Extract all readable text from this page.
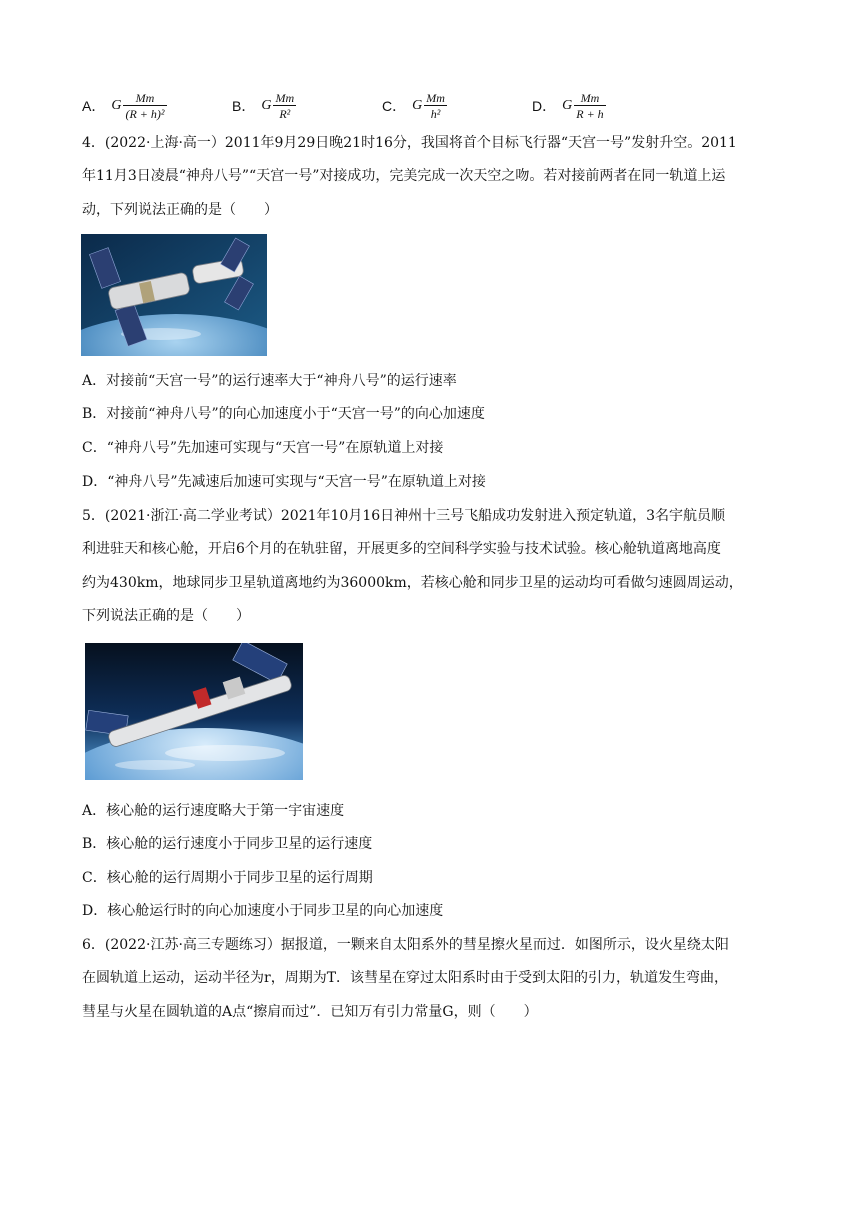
A． G $\frac{Mm}{\text{(R + h)²}}$	B． G $\frac{Mm}{\text{R²}}$	C． G $\frac{Mm}{\text{h²}}$	D． G $\frac{Mm}{R + h}$
4．(2022·上海·高一）2011年9月29日晚21时16分，我国将首个目标飞行器“天宫一号”发射升空。2011
年11月3日凌晨“神舟八号”“天宫一号”对接成功，完美完成一次天空之吻。若对接前两者在同一轨道上运
动，下列说法正确的是（　　）
A．对接前“天宫一号”的运行速率大于“神舟八号”的运行速率
B．对接前“神舟八号”的向心加速度小于“天宫一号”的向心加速度
C．“神舟八号”先加速可实现与“天宫一号”在原轨道上对接
D．“神舟八号”先减速后加速可实现与“天宫一号”在原轨道上对接
5．(2021·浙江·高二学业考试）2021年10月16日神州十三号飞船成功发射进入预定轨道，3名宇航员顺
利进驻天和核心舱，开启6个月的在轨驻留，开展更多的空间科学实验与技术试验。核心舱轨道离地高度
约为430km，地球同步卫星轨道离地约为36000km，若核心舱和同步卫星的运动均可看做匀速圆周运动，
下列说法正确的是（　　）
A．核心舱的运行速度略大于第一宇宙速度
B．核心舱的运行速度小于同步卫星的运行速度
C．核心舱的运行周期小于同步卫星的运行周期
D．核心舱运行时的向心加速度小于同步卫星的向心加速度
6．(2022·江苏·高三专题练习）据报道，一颗来自太阳系外的彗星擦火星而过．如图所示，设火星绕太阳
在圆轨道上运动，运动半径为r，周期为T．该彗星在穿过太阳系时由于受到太阳的引力，轨道发生弯曲，
彗星与火星在圆轨道的A点“擦肩而过”．已知万有引力常量G，则（　　）
